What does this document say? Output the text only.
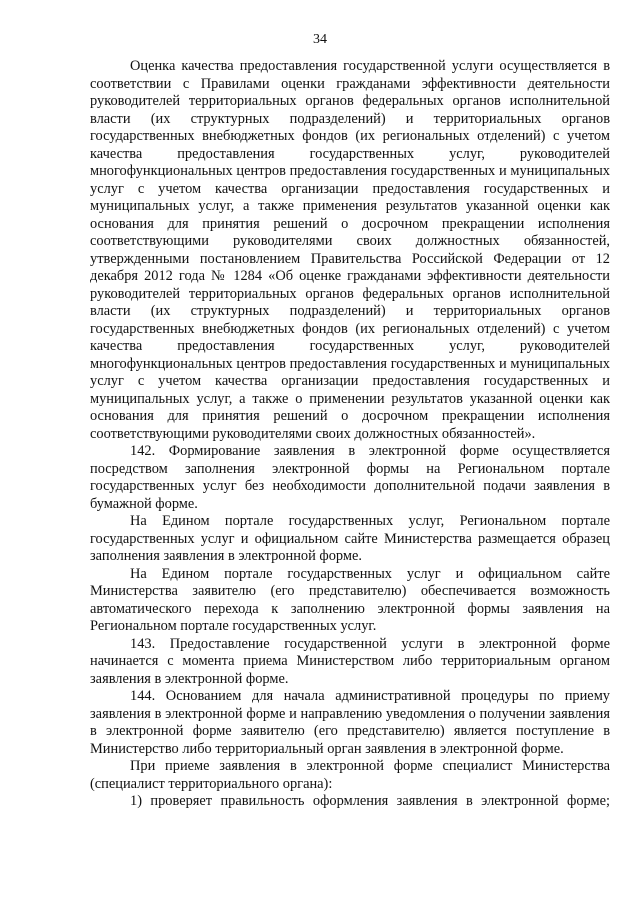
34

Оценка качества предоставления государственной услуги осуществляется в соответствии с Правилами оценки гражданами эффективности деятельности руководителей территориальных органов федеральных органов исполнительной власти (их структурных подразделений) и территориальных органов государственных внебюджетных фондов (их региональных отделений) с учетом качества предоставления государственных услуг, руководителей многофункциональных центров предоставления государственных и муниципальных услуг с учетом качества организации предоставления государственных и муниципальных услуг, а также применения результатов указанной оценки как основания для принятия решений о досрочном прекращении исполнения соответствующими руководителями своих должностных обязанностей, утвержденными постановлением Правительства Российской Федерации от 12 декабря 2012 года № 1284 «Об оценке гражданами эффективности деятельности руководителей территориальных органов федеральных органов исполнительной власти (их структурных подразделений) и территориальных органов государственных внебюджетных фондов (их региональных отделений) с учетом качества предоставления государственных услуг, руководителей многофункциональных центров предоставления государственных и муниципальных услуг с учетом качества организации предоставления государственных и муниципальных услуг, а также о применении результатов указанной оценки как основания для принятия решений о досрочном прекращении исполнения соответствующими руководителями своих должностных обязанностей».

142. Формирование заявления в электронной форме осуществляется посредством заполнения электронной формы на Региональном портале государственных услуг без необходимости дополнительной подачи заявления в бумажной форме.

На Едином портале государственных услуг, Региональном портале государственных услуг и официальном сайте Министерства размещается образец заполнения заявления в электронной форме.

На Едином портале государственных услуг и официальном сайте Министерства заявителю (его представителю) обеспечивается возможность автоматического перехода к заполнению электронной формы заявления на Региональном портале государственных услуг.

143. Предоставление государственной услуги в электронной форме начинается с момента приема Министерством либо территориальным органом заявления в электронной форме.

144. Основанием для начала административной процедуры по приему заявления в электронной форме и направлению уведомления о получении заявления в электронной форме заявителю (его представителю) является поступление в Министерство либо территориальный орган заявления в электронной форме.

При приеме заявления в электронной форме специалист Министерства (специалист территориального органа):

1) проверяет правильность оформления заявления в электронной форме;
